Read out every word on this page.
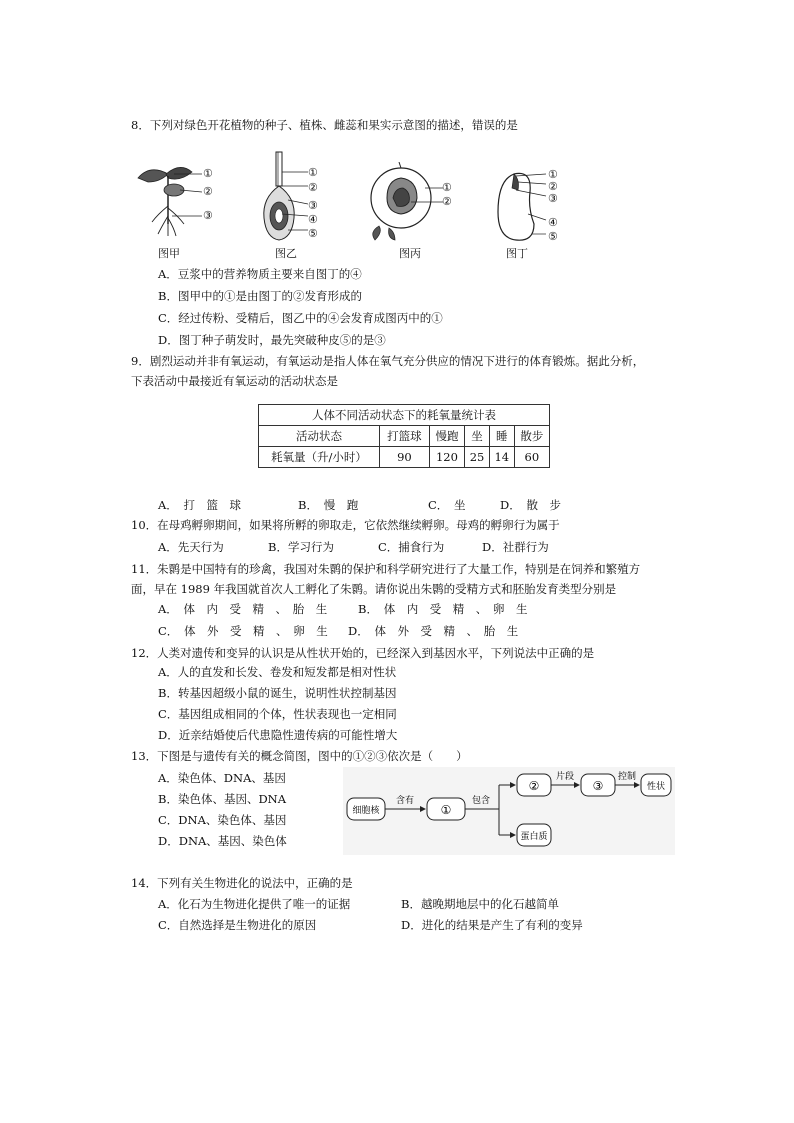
8．下列对绿色开花植物的种子、植株、雌蕊和果实示意图的描述，错误的是
①
②
③
图甲
①
②
③
④
⑤
图乙
①
②
图丙
①
②
③
④
⑤
图丁
A．豆浆中的营养物质主要来自图丁的④
B．图甲中的①是由图丁的②发育形成的
C．经过传粉、受精后，图乙中的④会发育成图丙中的①
D．图丁种子萌发时，最先突破种皮⑤的是③
9．剧烈运动并非有氧运动，有氧运动是指人体在氧气充分供应的情况下进行的体育锻炼。据此分析，
下表活动中最接近有氧运动的活动状态是
人体不同活动状态下的耗氧量统计表					
活动状态	打篮球	慢跑	坐	睡	散步
耗氧量（升/小时）	90	120	25	14	60
A．　打　篮　球	B．　慢　跑	C．　坐	D．　散　步
10．在母鸡孵卵期间，如果将所孵的卵取走，它依然继续孵卵。母鸡的孵卵行为属于
A．先天行为	B．学习行为	C．捕食行为	D．社群行为
11．朱鹮是中国特有的珍禽，我国对朱鹮的保护和科学研究进行了大量工作，特别是在饲养和繁殖方
面，早在 1989 年我国就首次人工孵化了朱鹮。请你说出朱鹮的受精方式和胚胎发育类型分别是
A．　体　内　受　精　、　胎　生	B．　体　内　受　精　、　卵　生
C．　体　外　受　精　、　卵　生 D．　体　外　受　精　、　胎　生
12．人类对遗传和变异的认识是从性状开始的，已经深入到基因水平，下列说法中正确的是
A．人的直发和长发、卷发和短发都是相对性状
B．转基因超级小鼠的诞生，说明性状控制基因
C．基因组成相同的个体，性状表现也一定相同
D．近亲结婚使后代患隐性遗传病的可能性增大
13．下图是与遗传有关的概念简图，图中的①②③依次是（　　）
A．染色体、DNA、基因
B．染色体、基因、DNA
C．DNA、染色体、基因
D．DNA、基因、染色体
细胞核
含有
①
包含
②
片段
③
控制
性状
蛋白质
14．下列有关生物进化的说法中，正确的是
A．化石为生物进化提供了唯一的证据	B．越晚期地层中的化石越简单
C．自然选择是生物进化的原因	D．进化的结果是产生了有利的变异
